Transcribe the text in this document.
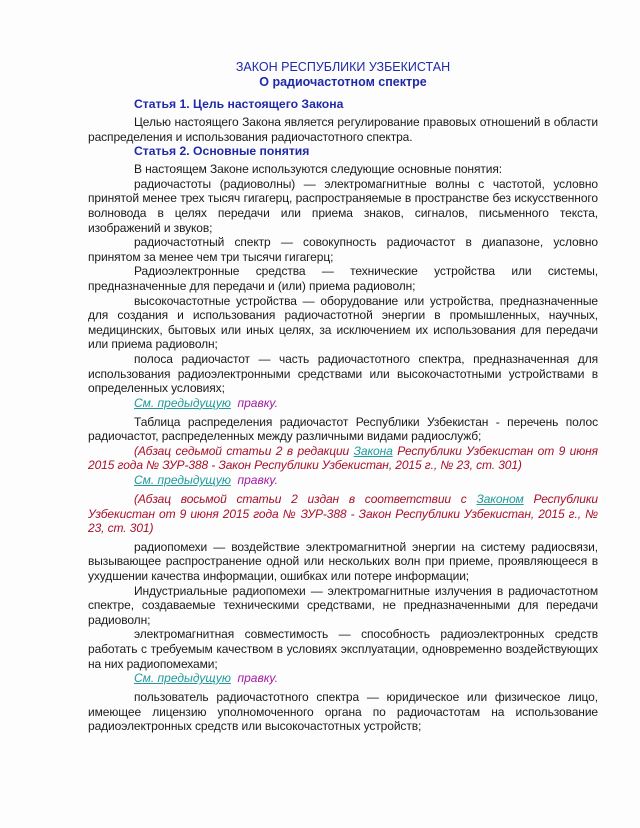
ЗАКОН РЕСПУБЛИКИ УЗБЕКИСТАН
О радиочастотном спектре
Статья 1. Цель настоящего Закона

Целью настоящего Закона является регулирование правовых отношений в области распределения и использования радиочастотного спектра.

Статья 2. Основные понятия

В настоящем Законе используются следующие основные понятия:

радиочастоты (радиоволны) — электромагнитные волны с частотой, условно принятой менее трех тысяч гигагерц, распространяемые в пространстве без искусственного волновода в целях передачи или приема знаков, сигналов, письменного текста, изображений и звуков;

радиочастотный спектр — совокупность радиочастот в диапазоне, условно принятом за менее чем три тысячи гигагерц;

Радиоэлектронные средства — технические устройства или системы, предназначенные для передачи и (или) приема радиоволн;

высокочастотные устройства — оборудование или устройства, предназначенные для создания и использования радиочастотной энергии в промышленных, научных, медицинских, бытовых или иных целях, за исключением их использования для передачи или приема радиоволн;

полоса радиочастот — часть радиочастотного спектра, предназначенная для использования радиоэлектронными средствами или высокочастотными устройствами в определенных условиях;

См. предыдущую правку.

Таблица распределения радиочастот Республики Узбекистан - перечень полос радиочастот, распределенных между различными видами радиослужб;

(Абзац седьмой статьи 2 в редакции Закона Республики Узбекистан от 9 июня 2015 года № ЗУР-388 - Закон Республики Узбекистан, 2015 г., № 23, ст. 301)

См. предыдущую правку.

(Абзац восьмой статьи 2 издан в соответствии с Законом Республики Узбекистан от 9 июня 2015 года № ЗУР-388 - Закон Республики Узбекистан, 2015 г., № 23, ст. 301)

радиопомехи — воздействие электромагнитной энергии на систему радиосвязи, вызывающее распространение одной или нескольких волн при приеме, проявляющееся в ухудшении качества информации, ошибках или потере информации;

Индустриальные радиопомехи — электромагнитные излучения в радиочастотном спектре, создаваемые техническими средствами, не предназначенными для передачи радиоволн;

электромагнитная совместимость — способность радиоэлектронных средств работать с требуемым качеством в условиях эксплуатации, одновременно воздействующих на них радиопомехами;

См. предыдущую правку.

пользователь радиочастотного спектра — юридическое или физическое лицо, имеющее лицензию уполномоченного органа по радиочастотам на использование радиоэлектронных средств или высокочастотных устройств;
